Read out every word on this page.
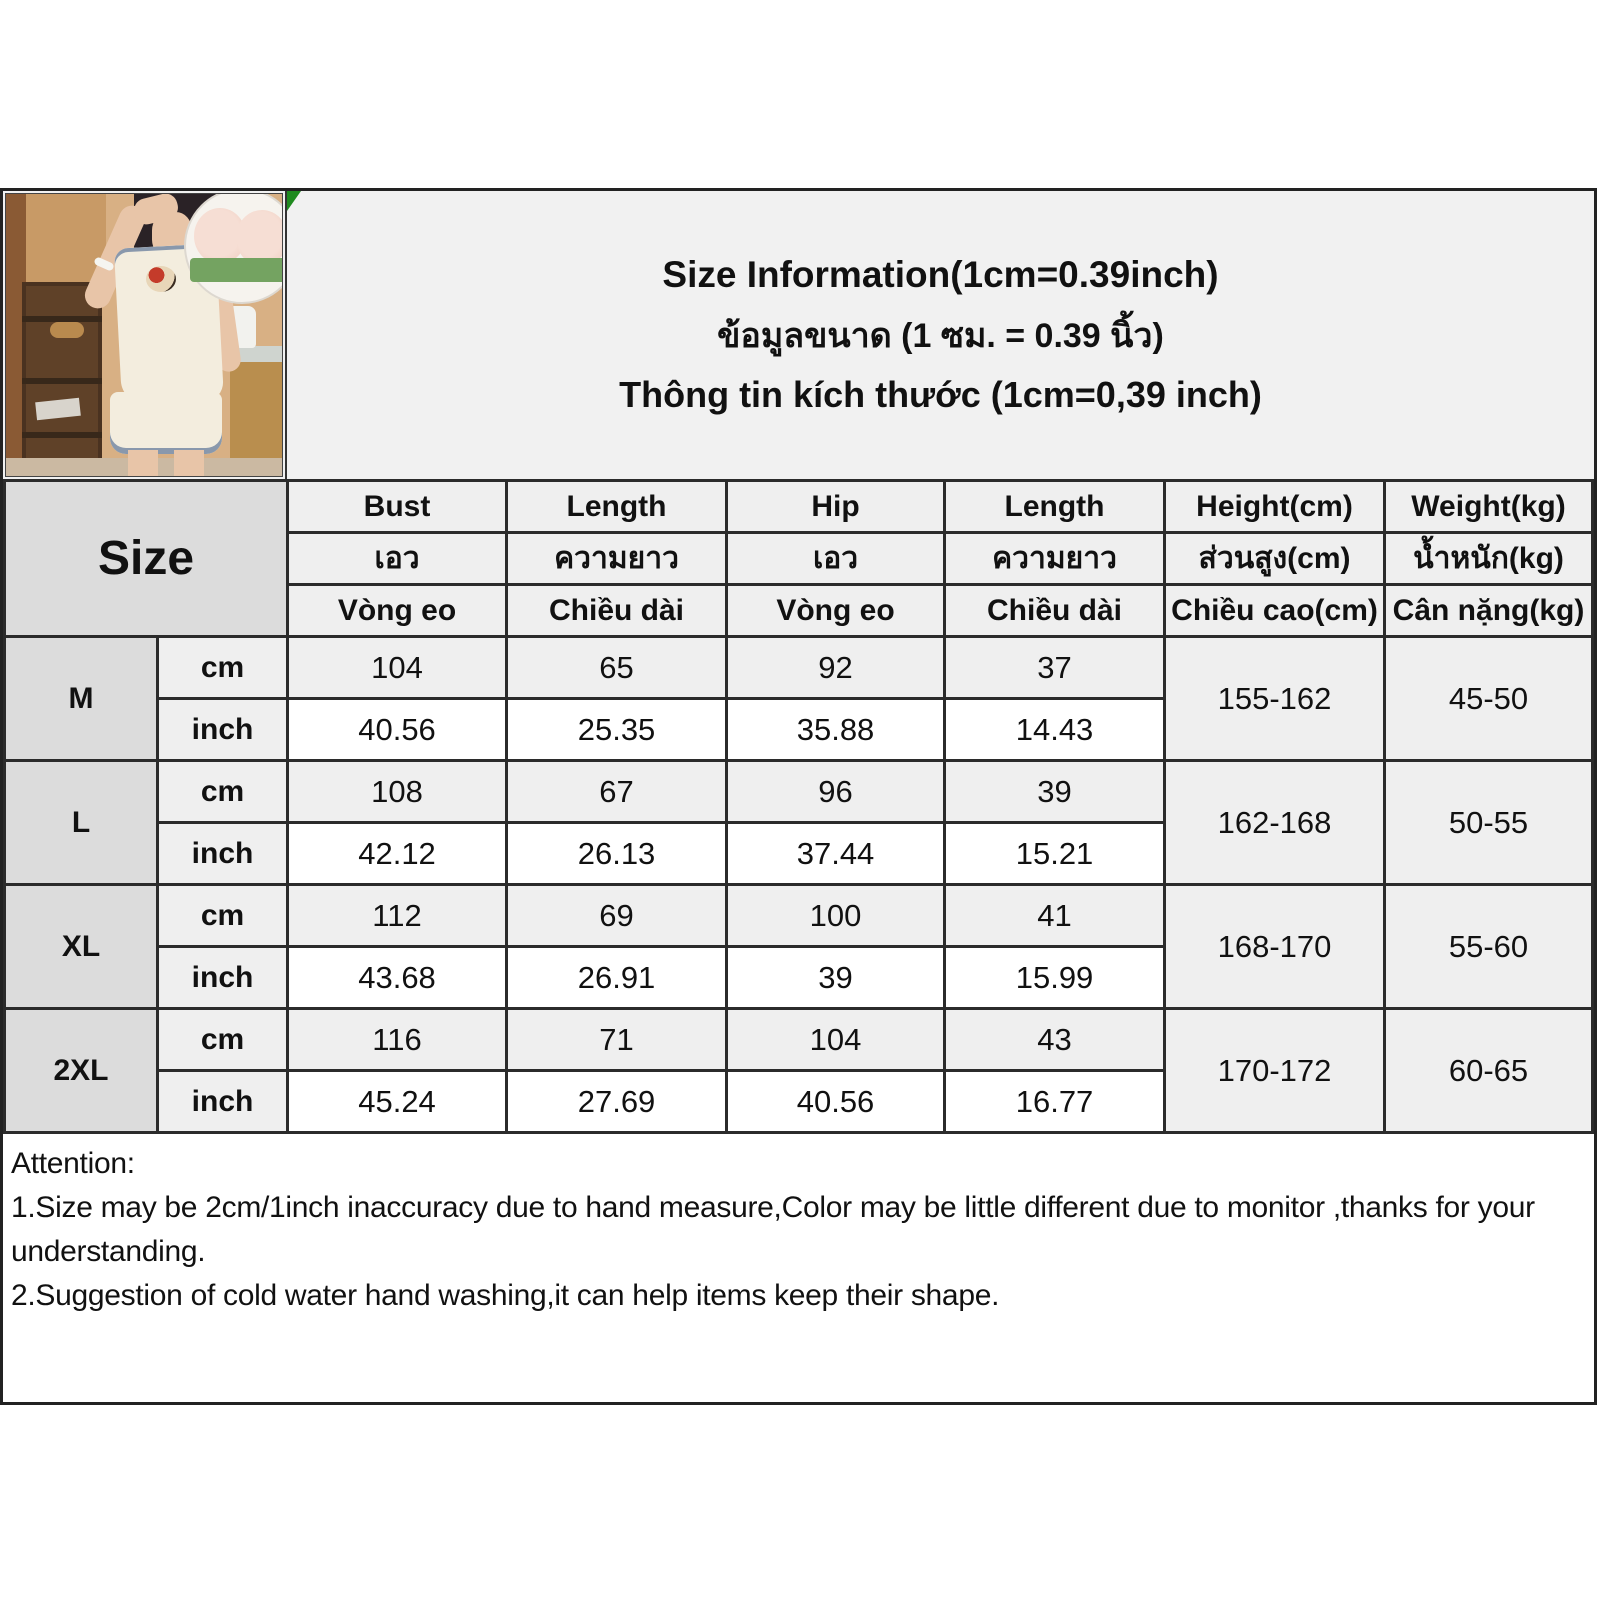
Size Information(1cm=0.39inch)
ข้อมูลขนาด (1 ซม. = 0.39 นิ้ว)
Thông tin kích thước (1cm=0,39 inch)
Size		Bust	Length	Hip	Length	Height(cm)	Weight(kg)
		เอว	ความยาว	เอว	ความยาว	ส่วนสูง(cm)	น้ำหนัก(kg)
		Vòng eo	Chiều dài	Vòng eo	Chiều dài	Chiều cao(cm)	Cân nặng(kg)
M	cm	104	65	92	37	155-162	45-50
	inch	40.56	25.35	35.88	14.43		
L	cm	108	67	96	39	162-168	50-55
	inch	42.12	26.13	37.44	15.21		
XL	cm	112	69	100	41	168-170	55-60
	inch	43.68	26.91	39	15.99		
2XL	cm	116	71	104	43	170-172	60-65
	inch	45.24	27.69	40.56	16.77		
Attention:
1.Size may be 2cm/1inch inaccuracy due to hand measure,Color may be little different due to monitor ,thanks for your understanding.
2.Suggestion of cold water hand washing,it can help items keep their shape.
